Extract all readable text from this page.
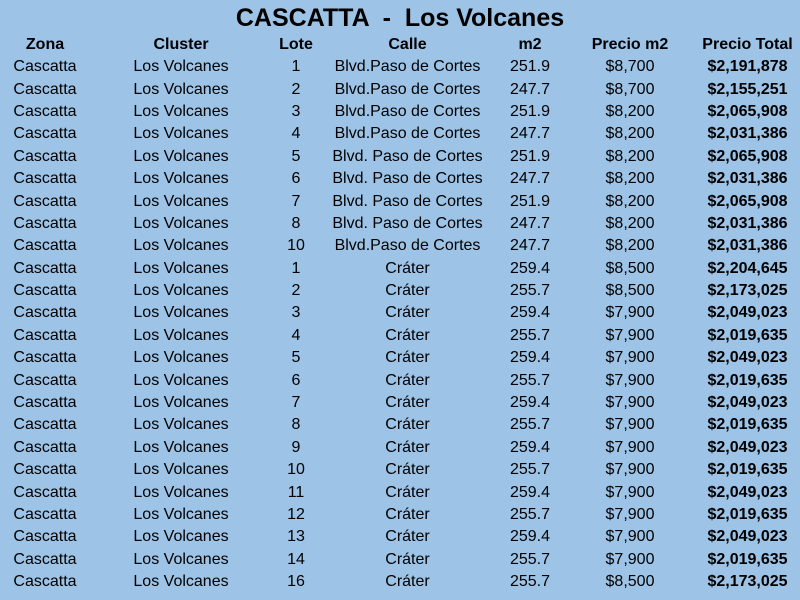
CASCATTA  -  Los Volcanes
Zona	Cluster	Lote	Calle	m2	Precio m2	Precio Total
Cascatta	Los Volcanes	1	Blvd.Paso de Cortes	251.9	$8,700	$2,191,878
Cascatta	Los Volcanes	2	Blvd.Paso de Cortes	247.7	$8,700	$2,155,251
Cascatta	Los Volcanes	3	Blvd.Paso de Cortes	251.9	$8,200	$2,065,908
Cascatta	Los Volcanes	4	Blvd.Paso de Cortes	247.7	$8,200	$2,031,386
Cascatta	Los Volcanes	5	Blvd. Paso de Cortes	251.9	$8,200	$2,065,908
Cascatta	Los Volcanes	6	Blvd. Paso de Cortes	247.7	$8,200	$2,031,386
Cascatta	Los Volcanes	7	Blvd. Paso de Cortes	251.9	$8,200	$2,065,908
Cascatta	Los Volcanes	8	Blvd. Paso de Cortes	247.7	$8,200	$2,031,386
Cascatta	Los Volcanes	10	Blvd.Paso de Cortes	247.7	$8,200	$2,031,386
Cascatta	Los Volcanes	1	Cráter	259.4	$8,500	$2,204,645
Cascatta	Los Volcanes	2	Cráter	255.7	$8,500	$2,173,025
Cascatta	Los Volcanes	3	Cráter	259.4	$7,900	$2,049,023
Cascatta	Los Volcanes	4	Cráter	255.7	$7,900	$2,019,635
Cascatta	Los Volcanes	5	Cráter	259.4	$7,900	$2,049,023
Cascatta	Los Volcanes	6	Cráter	255.7	$7,900	$2,019,635
Cascatta	Los Volcanes	7	Cráter	259.4	$7,900	$2,049,023
Cascatta	Los Volcanes	8	Cráter	255.7	$7,900	$2,019,635
Cascatta	Los Volcanes	9	Cráter	259.4	$7,900	$2,049,023
Cascatta	Los Volcanes	10	Cráter	255.7	$7,900	$2,019,635
Cascatta	Los Volcanes	11	Cráter	259.4	$7,900	$2,049,023
Cascatta	Los Volcanes	12	Cráter	255.7	$7,900	$2,019,635
Cascatta	Los Volcanes	13	Cráter	259.4	$7,900	$2,049,023
Cascatta	Los Volcanes	14	Cráter	255.7	$7,900	$2,019,635
Cascatta	Los Volcanes	16	Cráter	255.7	$8,500	$2,173,025
